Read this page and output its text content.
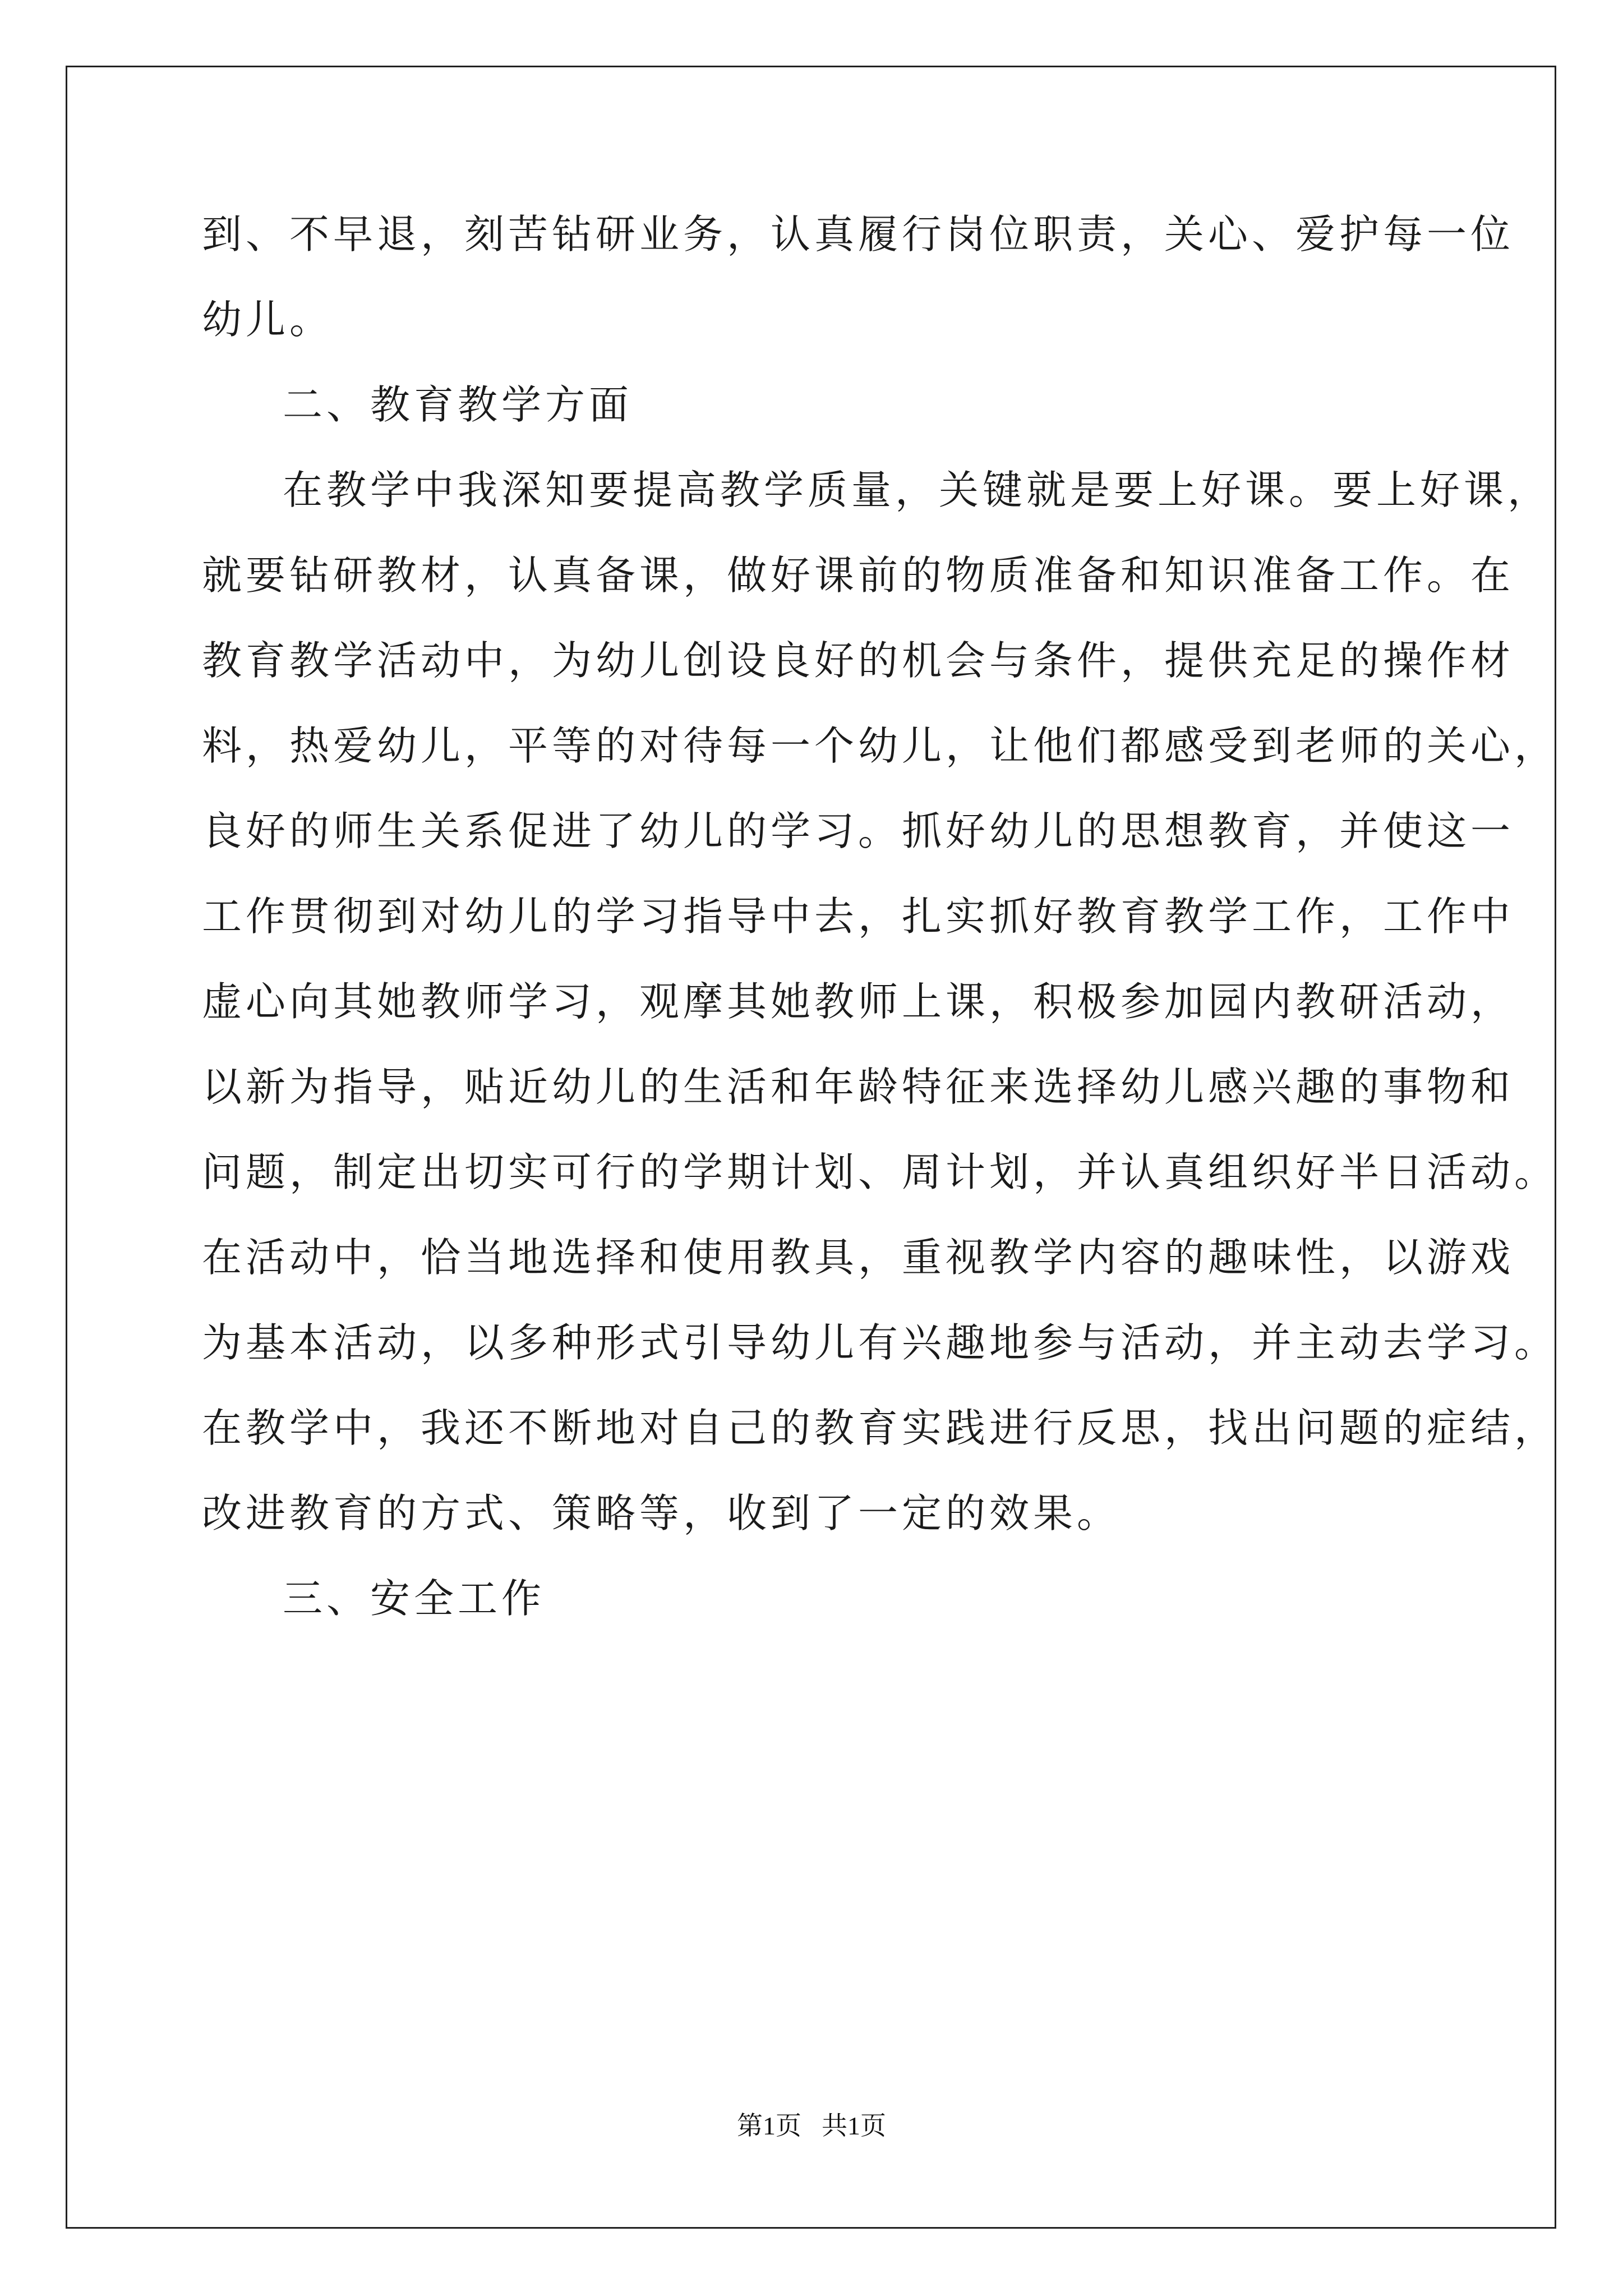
到、不早退，刻苦钻研业务，认真履行岗位职责，关心、爱护每一位
幼儿。
二、教育教学方面
在教学中我深知要提高教学质量，关键就是要上好课。要上好课，
就要钻研教材，认真备课，做好课前的物质准备和知识准备工作。在
教育教学活动中，为幼儿创设良好的机会与条件，提供充足的操作材
料，热爱幼儿，平等的对待每一个幼儿，让他们都感受到老师的关心，
良好的师生关系促进了幼儿的学习。抓好幼儿的思想教育，并使这一
工作贯彻到对幼儿的学习指导中去，扎实抓好教育教学工作，工作中
虚心向其她教师学习，观摩其她教师上课，积极参加园内教研活动，
以新为指导，贴近幼儿的生活和年龄特征来选择幼儿感兴趣的事物和
问题，制定出切实可行的学期计划、周计划，并认真组织好半日活动。
在活动中，恰当地选择和使用教具，重视教学内容的趣味性，以游戏
为基本活动，以多种形式引导幼儿有兴趣地参与活动，并主动去学习。
在教学中，我还不断地对自己的教育实践进行反思，找出问题的症结，
改进教育的方式、策略等，收到了一定的效果。
三、安全工作
第1页 共1页
